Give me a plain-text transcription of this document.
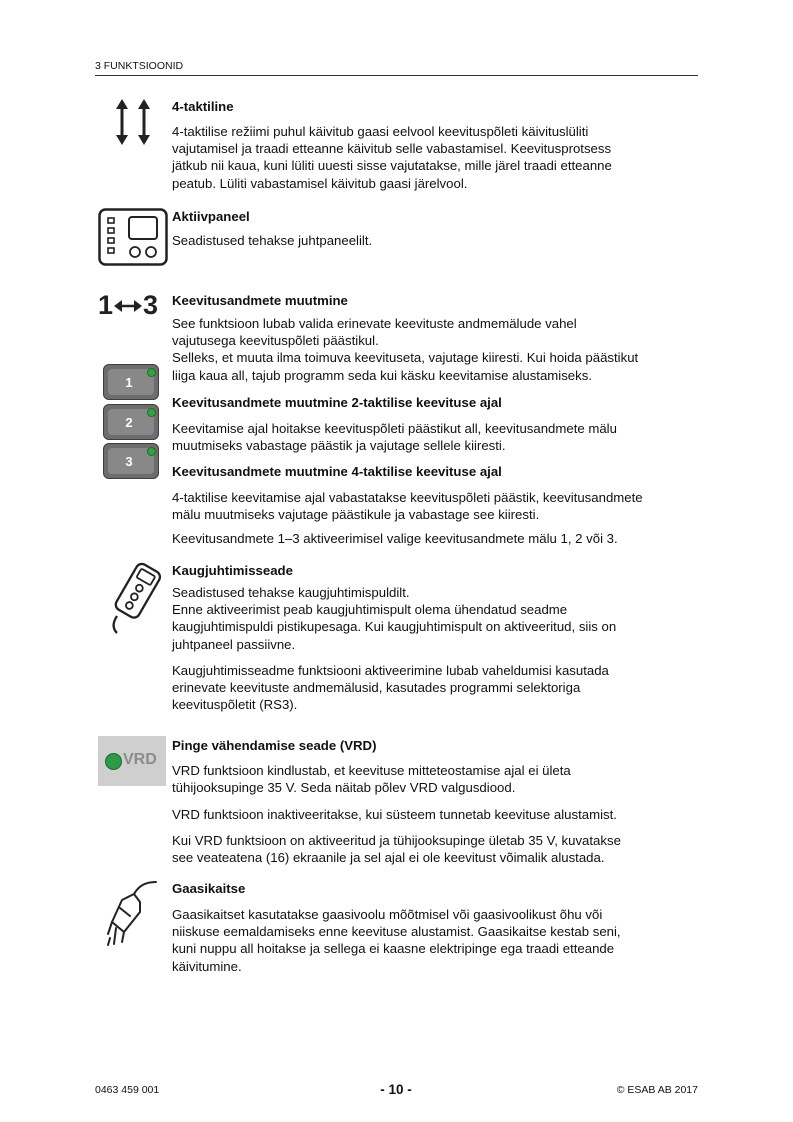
3 FUNKTSIOONID
4-taktiline
4-taktilise režiimi puhul käivitub gaasi eelvool keevituspõleti käivituslüliti
vajutamisel ja traadi etteanne käivitub selle vabastamisel. Keevitusprotsess
jätkub nii kaua, kuni lüliti uuesti sisse vajutatakse, mille järel traadi etteanne
peatub. Lüliti vabastamisel käivitub gaasi järelvool.
Aktiivpaneel
Seadistused tehakse juhtpaneelilt.
1 3 Keevitusandmete muutmine
See funktsioon lubab valida erinevate keevituste andmemälude vahel
vajutusega keevituspõleti päästikul.
Selleks, et muuta ilma toimuva keevituseta, vajutage kiiresti. Kui hoida päästikut
liiga kaua all, tajub programm seda kui käsku keevitamise alustamiseks.
1
2
3
Keevitusandmete muutmine 2-taktilise keevituse ajal
Keevitamise ajal hoitakse keevituspõleti päästikut all, keevitusandmete mälu
muutmiseks vabastage päästik ja vajutage sellele kiiresti.
Keevitusandmete muutmine 4-taktilise keevituse ajal
4-taktilise keevitamise ajal vabastatakse keevituspõleti päästik, keevitusandmete
mälu muutmiseks vajutage päästikule ja vabastage see kiiresti.
Keevitusandmete 1–3 aktiveerimisel valige keevitusandmete mälu 1, 2 või 3.
Kaugjuhtimisseade
Seadistused tehakse kaugjuhtimispuldilt.
Enne aktiveerimist peab kaugjuhtimispult olema ühendatud seadme
kaugjuhtimispuldi pistikupesaga. Kui kaugjuhtimispult on aktiveeritud, siis on
juhtpaneel passiivne.
Kaugjuhtimisseadme funktsiooni aktiveerimine lubab vaheldumisi kasutada
erinevate keevituste andmemälusid, kasutades programmi selektoriga
keevituspõletit (RS3).
VRD
Pinge vähendamise seade (VRD)
VRD funktsioon kindlustab, et keevituse mitteteostamise ajal ei ületa
tühijooksupinge 35 V. Seda näitab põlev VRD valgusdiood.
VRD funktsioon inaktiveeritakse, kui süsteem tunnetab keevituse alustamist.
Kui VRD funktsioon on aktiveeritud ja tühijooksupinge ületab 35 V, kuvatakse
see veateatena (16) ekraanile ja sel ajal ei ole keevitust võimalik alustada.
Gaasikaitse
Gaasikaitset kasutatakse gaasivoolu mõõtmisel või gaasivoolikust õhu või
niiskuse eemaldamiseks enne keevituse alustamist. Gaasikaitse kestab seni,
kuni nuppu all hoitakse ja sellega ei kaasne elektripinge ega traadi etteande
käivitumine.
0463 459 001	- 10 -	© ESAB AB 2017
